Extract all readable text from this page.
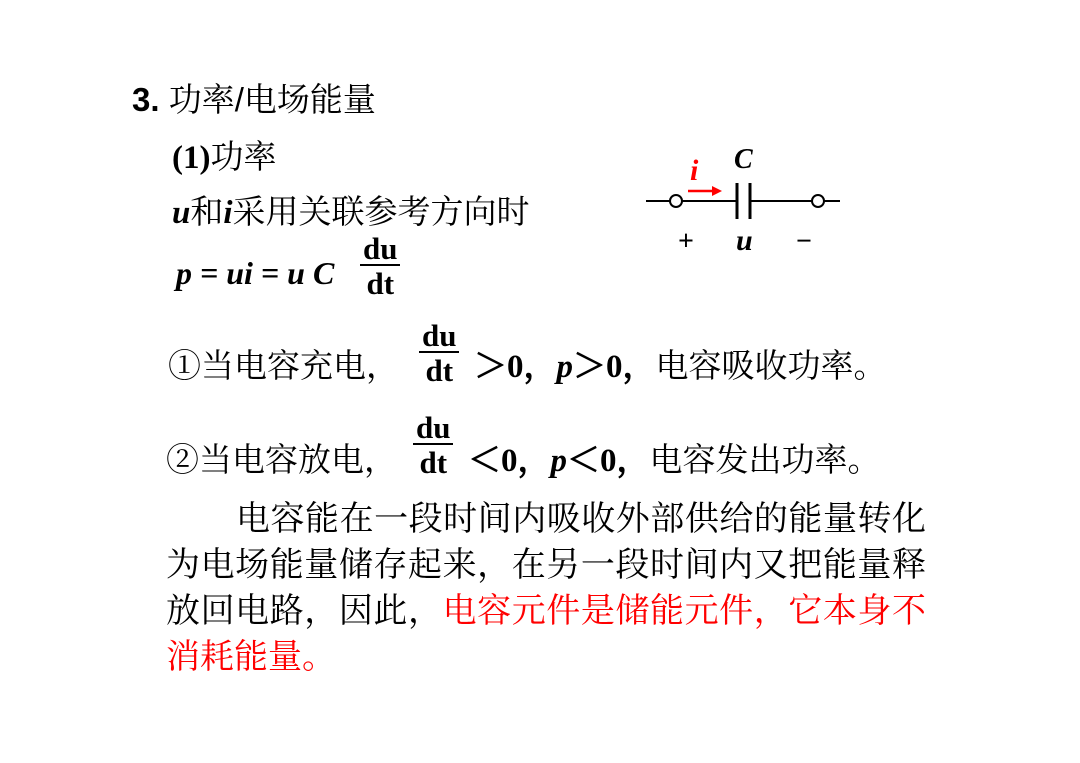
3. 功率/电场能量
(1)功率
u和i采用关联参考方向时
p = ui = u C $\frac{du}{dt}$
i C
+ u −
①当电容充电， $\frac{du}{dt} >0$，p＞0，电容吸收功率。
②当电容放电， $\frac{du}{dt} <0$，p＜0，电容发出功率。
电容能在一段时间内吸收外部供给的能量转化为电场能量储存起来，在另一段时间内又把能量释放回电路，因此，电容元件是储能元件，它本身不消耗能量。
